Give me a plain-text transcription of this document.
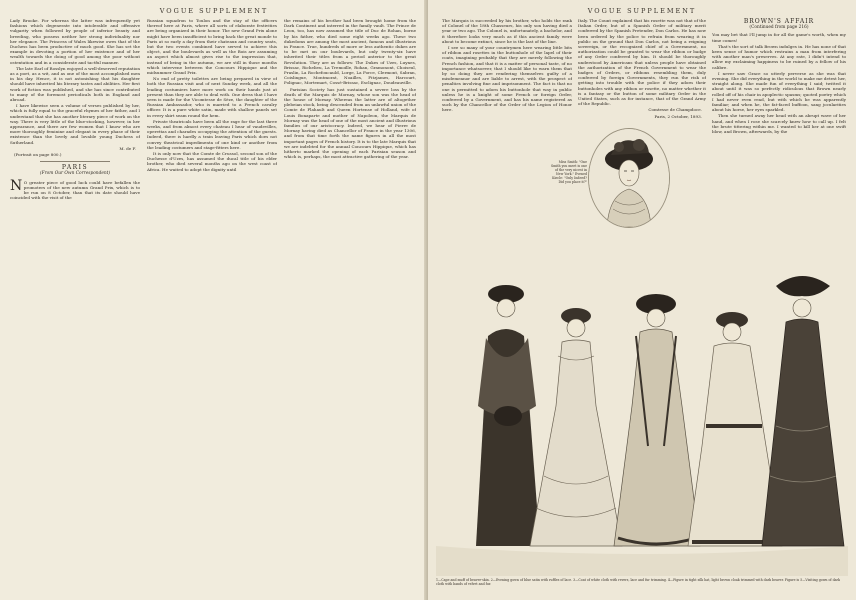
VOGUE SUPPLEMENT

Lady Brooke. For whereas the latter was infrequently yet fashions which degenerate into intolerable and offensive vulgarity when followed by people of inferior beauty and breeding, who possess neither her strong individuality nor her elegance. The Princess of Wales likewise owes that of the Duchess has been productive of much good. She has set the example in devoting a portion of her existence and of her wealth towards the doing of good among the poor without ostentation and in a considerate and tactful manner.

The late Earl of Rosslyn enjoyed a well-deserved reputation as a poet, as a wit, and as one of the most accomplished men in his day. Hence, it is not astonishing that his daughter should have inherited his literary tastes and abilities. Her first work of fiction was published, and she has since contributed to many of the foremost periodicals both in England and abroad.

I have likewise seen a volume of verses published by her, which is fully equal to the graceful rhymes of her father, and I understand that she has another literary piece of work on the way. There is very little of the blue-stocking, however, in her appearance, and there are few women that I know who are more thoroughly feminine and elegant in every phase of their existence than the lovely and lovable young Duchess of Sutherland.

M. de F.
(Portrait on page 800.)
PARIS
(From Our Own Correspondent)

N O greater piece of good luck could have befallen the promoters of the new autumn Grand Prix, which is to be run on 8 October, than that its date should have coincided with the visit of the

Russian squadron to Toulon and the stay of the officers thereof here at Paris, where all sorts of elaborate festivities are being organized in their honor. The new Grand Prix alone might have been insufficient to bring back the great monde to Paris at so early a day from their chateaux and country seats, but the two events combined have served to achieve this object, and the boulevards as well as the Bois are assuming an aspect which almost gives rise to the impression that, instead of being in the autumn, we are still in those months which intervene between the Concours Hippique and the midsummer Grand Prix.

No end of pretty toilettes are being prepared in view of both the Russian visit and of next Sunday week, and all the leading costumiers have more work on their hands just at present than they are able to deal with. One dress that I have seen is made for the Vicomtesse de Sèze, the daughter of the Russian Ambassador, who is married to a French cavalry officer. It is a pure white satin, made with shallow panels set in every skirt seam round the hem.

Private theatricals have been all the rage for the last three weeks, and from almost every chateau I hear of vaudevilles, operettas and charades occupying the attention of the guests. Indeed, there is hardly a train leaving Paris which does not convey theatrical impedimenta of one kind or another from the leading costumers and stage-fitters here.

It is only now that the Comte de Crussol, second son of the Duchesse d'Uzes, has assumed the ducal title of his elder brother, who died several months ago on the west coast of Africa. He waited to adopt the dignity until

the remains of his brother had been brought home from the Dark Continent and interred in the family vault. The Prince de Leon, too, has now assumed the title of Duc de Rohan, borne by his father, who died some eight weeks ago. These two dukedoms are among the most ancient, famous and illustrious in France. True, hundreds of more or less authentic dukes are to be met on our boulevards, but only twenty-six have inherited their titles from a period anterior to the great Revolution. They are as follows: The Dukes of Uzes, Luynes, Brissac, Richelieu, La Tremoille, Rohan, Gramonont, Choiseul, Praslin, La Rochefoucauld, Lorge, La Force, Clermont, Sabran, Coislingue, Montmorat, Noailles, Fitzjames, Harcourt, Polignac, Mortemart, Cossé-Brissac, Esclignac, Doudeauville.

Parisian Society has just sustained a severe loss by the death of the Marquis de Mornay, whose son was the head of the house of Mornay. Whereas the latter are of altogether plebeian stock, being descended from an unlawful union of the Comte de Flahault and Queen Hortense of Holland, wife of Louis Bonaparte and mother of Napoleon, the Marquis de Mornay was the head of one of the most ancient and illustrious families of our aristocracy. Indeed, we hear of Pierre de Mornay having died as Chancellor of France in the year 1306, and from that time forth the name figures in all the most important pages of French history. It is to the late Marquis that we are indebted for the annual Concours Hippique, which has hitherto marked the opening of each Parisian season and which is, perhaps, the most attractive gathering of the year.

VOGUE SUPPLEMENT

The Marquis is succeeded by his brother, who holds the rank of Colonel of the 18th Chasseurs, his only son having died a year or two ago. The Colonel is, unfortunately, a bachelor, and it therefore looks very much as if this ancient family were about to become extinct, since he is the last of the line.

I see so many of your countrymen here wearing little bits of ribbon and rosettes in the buttonhole of the lapel of their coats, imagining probably that they are merely following the French fashion, and that it is a matter of personal taste, of no importance whatsoever, that I should like to warn them that by so doing they are rendering themselves guilty of a misdemeanor and are liable to arrest, with the prospect of penalties involving fine and imprisonment. The fact is that no one is permitted to adorn his buttonhole that way in public unless he is a knight of some French or foreign Order, conferred by a Government, and has his name registered as such by the Chancellor of the Order of the Legion of Honor here.

Italy. The Count explained that his rosette was not that of the Italian Order, but of a Spanish Order of military merit conferred by the Spanish Pretender, Don Carlos. He has now been ordered by the police to refrain from wearing it in public on the ground that Don Carlos, not being a reigning sovereign, or the recognized chief of a Government, no authorization could be granted to wear the ribbon or badge of any Order conferred by him. It should be thoroughly understood by Americans that unless people have obtained the authorization of the French Government to wear the badges of Orders, or ribbons resembling them, duly conferred by foreign Governments, they run the risk of getting into trouble with the police if they adorn their buttonholes with any ribbon or rosette, no matter whether it is a fantasy or the button of some military Order in the United States, such as for instance, that of the Grand Army of the Republic.

Comtesse de Champdoce.
Paris, 2 October, 1893.
BROWN'S AFFAIR
(Continued from page 216)

You may bet that I'll jump in for all the game's worth, when my time comes!

That's the sort of talk Brown indulges in. He has none of that keen sense of humor which restrains a man from interfering with another man's preserves. At any rate, I didn't intend to allow my exclaiming happiness to be ruined by a fellow of his calibre.

I never saw Grace so utterly perverse as she was that evening. She did everything in the world to make me detest her, straight along. She made fun of everything I said; twitted it about until it was so perfectly ridiculous that Brown nearly rolled off of his chair in apoplectic spasms; quoted poetry which I had never even read, but with which he was apparently familiar; and when he, the fat-faced buffoon, sang jocularities about his horse, her eyes sparkled.

Then she turned away her head with an abrupt wave of her hand, and when I rose she scarcely knew how to call up. I felt the brute tittering within me. I wanted to kill her at one swift blow, and Brown, afterwards, by the

Miss Smith: "One Smith you meet is one of the very nicest in New York." Evened Kiecle: "Only Indeed? Did you place it?"
1—Cape and muff of beaver-skin. 2—Evening gown of blue satin with ruffles of lace. 3—Coat of white cloth with revers, lace and fur trimming. 4—Figure in tight silk hat, light brown cloak trimmed with dark beaver. Figure is 5—Visiting gown of dark cloth with bands of velvet and fur.
